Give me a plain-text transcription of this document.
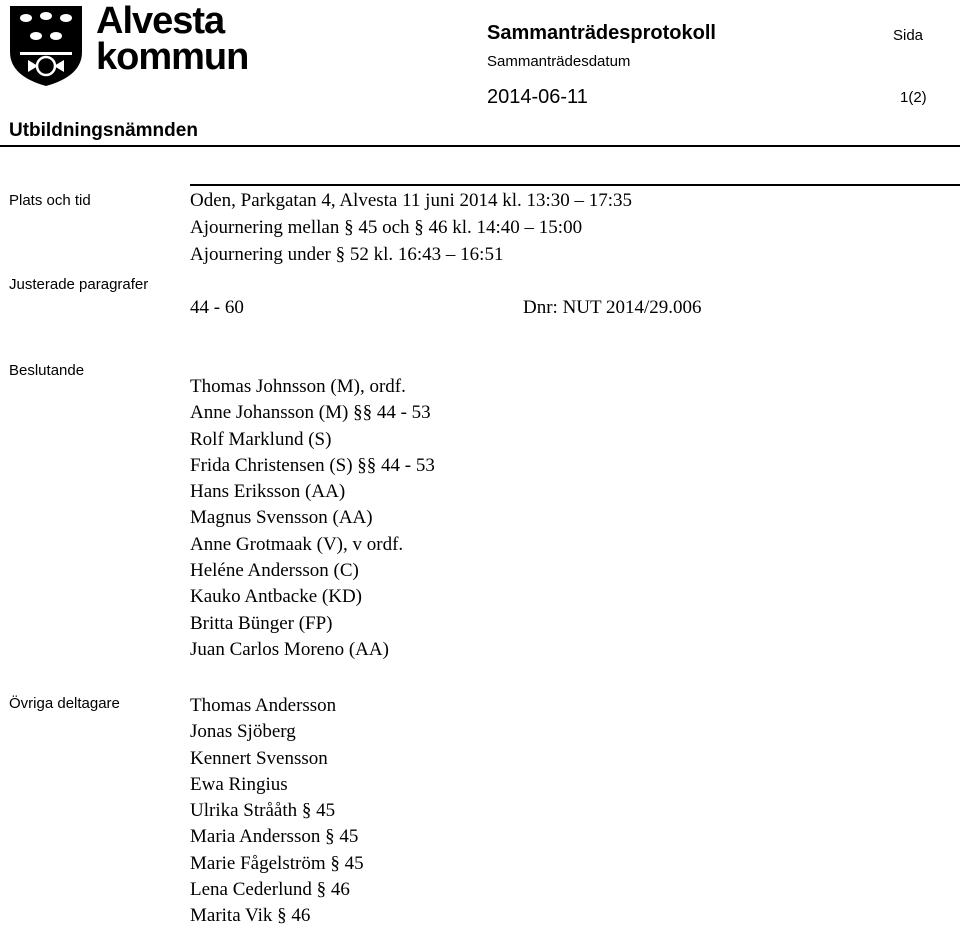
Alvesta
kommun
Sammanträdesprotokoll
Sammanträdesdatum
Sida
2014-06-11	1(2)
Utbildningsnämnden
Plats och tid	Oden, Parkgatan 4, Alvesta 11 juni 2014 kl. 13:30 – 17:35
Ajournering mellan § 45 och § 46 kl. 14:40 – 15:00
Ajournering under § 52 kl. 16:43 – 16:51
Justerade paragrafer
44 - 60	Dnr: NUT 2014/29.006
Beslutande
Thomas Johnsson (M), ordf.
Anne Johansson (M) §§ 44 - 53
Rolf Marklund (S)
Frida Christensen (S) §§ 44 - 53
Hans Eriksson (AA)
Magnus Svensson (AA)
Anne Grotmaak (V), v ordf.
Heléne Andersson (C)
Kauko Antbacke (KD)
Britta Bünger (FP)
Juan Carlos Moreno (AA)
Övriga deltagare	Thomas Andersson
Jonas Sjöberg
Kennert Svensson
Ewa Ringius
Ulrika Strååth § 45
Maria Andersson § 45
Marie Fågelström § 45
Lena Cederlund § 46
Marita Vik § 46
